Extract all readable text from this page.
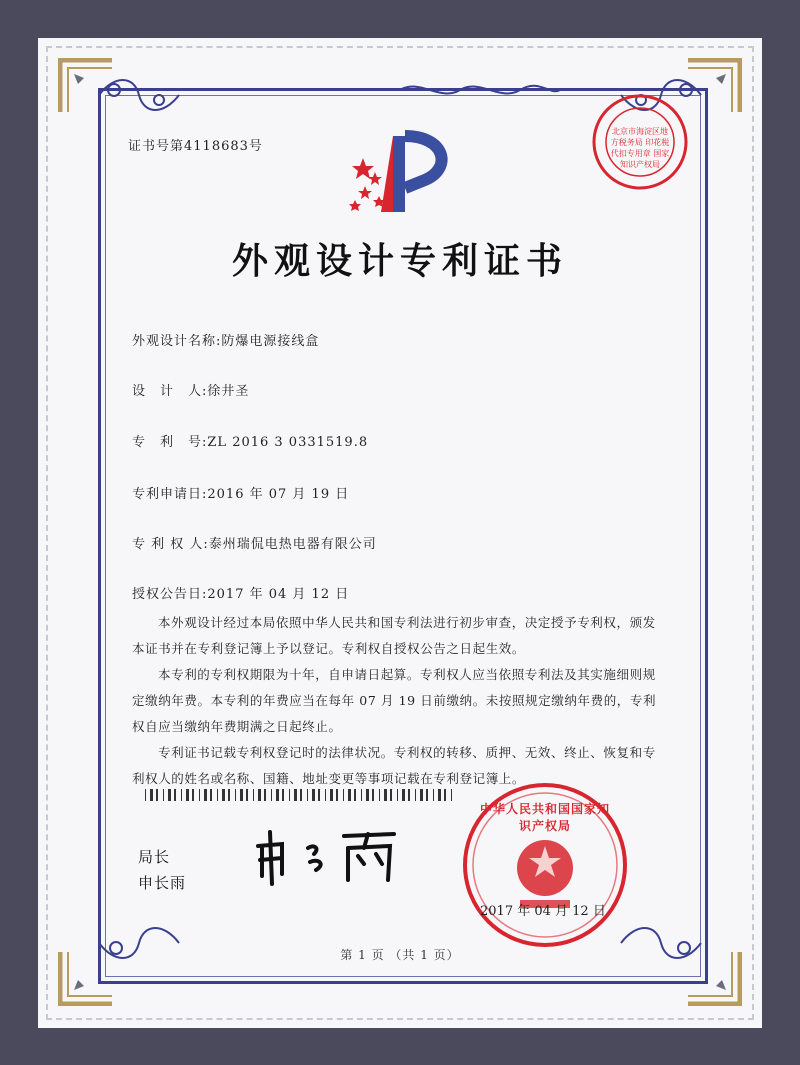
证书号第4118683号
北京市海淀区地方税务局 印花税 代扣专用章 国家知识产权局
外观设计专利证书
外观设计名称:防爆电源接线盒
设　计　人:徐井圣
专　利　号:ZL 2016 3 0331519.8
专利申请日:2016 年 07 月 19 日
专 利 权 人:泰州瑞侃电热电器有限公司
授权公告日:2017 年 04 月 12 日

本外观设计经过本局依照中华人民共和国专利法进行初步审查，决定授予专利权，颁发本证书并在专利登记簿上予以登记。专利权自授权公告之日起生效。

本专利的专利权期限为十年，自申请日起算。专利权人应当依照专利法及其实施细则规定缴纳年费。本专利的年费应当在每年 07 月 19 日前缴纳。未按照规定缴纳年费的，专利权自应当缴纳年费期满之日起终止。

专利证书记载专利权登记时的法律状况。专利权的转移、质押、无效、终止、恢复和专利权人的姓名或名称、国籍、地址变更等事项记载在专利登记簿上。

局长
申长雨
中华人民共和国国家知识产权局
2017 年 04 月 12 日
第 1 页 （共 1 页）
